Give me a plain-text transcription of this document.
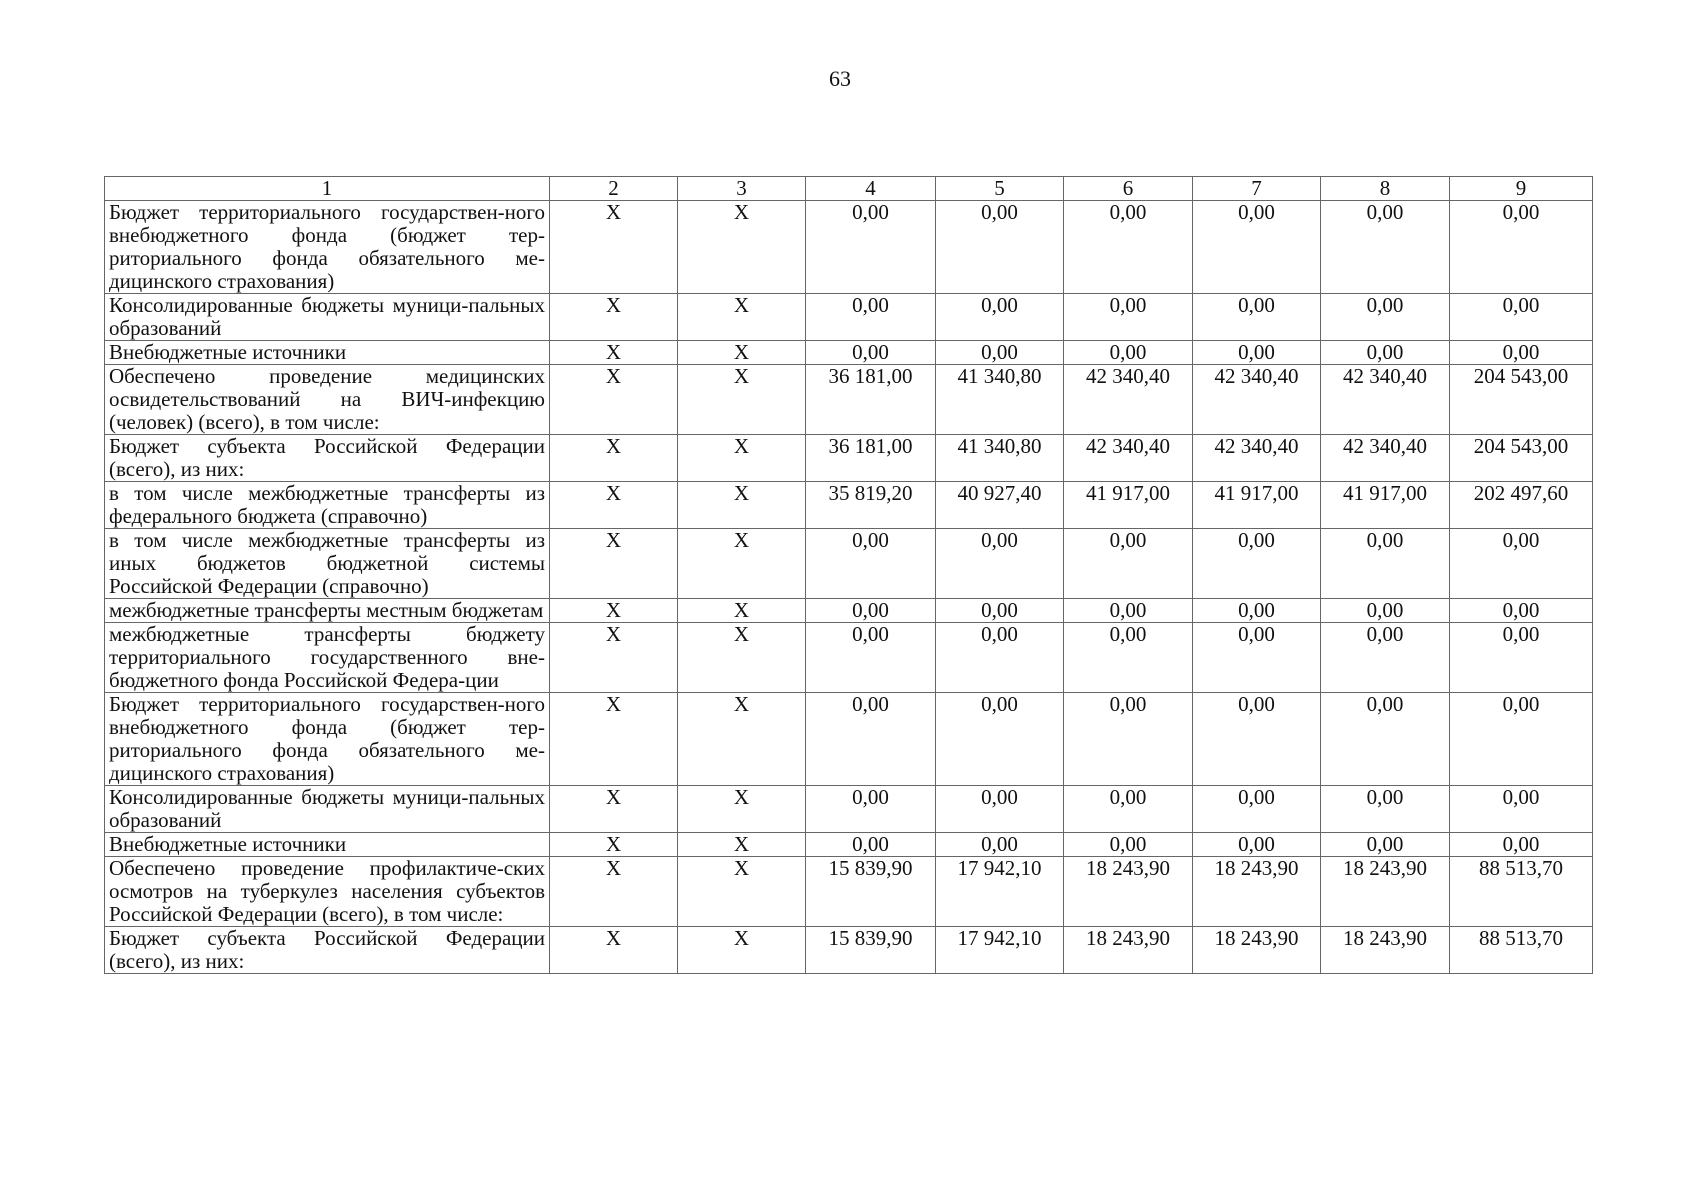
63
1	2	3	4	5	6	7	8	9
Бюджет территориального государствен-ного внебюджетного фонда (бюджет тер-риториального фонда обязательного ме-дицинского страхования)	X	X	0,00	0,00	0,00	0,00	0,00	0,00
Консолидированные бюджеты муници-пальных образований	X	X	0,00	0,00	0,00	0,00	0,00	0,00
Внебюджетные источники	X	X	0,00	0,00	0,00	0,00	0,00	0,00
Обеспечено проведение медицинских освидетельствований на ВИЧ-инфекцию (человек) (всего), в том числе:	X	X	36 181,00	41 340,80	42 340,40	42 340,40	42 340,40	204 543,00
Бюджет субъекта Российской Федерации (всего), из них:	X	X	36 181,00	41 340,80	42 340,40	42 340,40	42 340,40	204 543,00
в том числе межбюджетные трансферты из федерального бюджета (справочно)	X	X	35 819,20	40 927,40	41 917,00	41 917,00	41 917,00	202 497,60
в том числе межбюджетные трансферты из иных бюджетов бюджетной системы Российской Федерации (справочно)	X	X	0,00	0,00	0,00	0,00	0,00	0,00
межбюджетные трансферты местным бюджетам	X	X	0,00	0,00	0,00	0,00	0,00	0,00
межбюджетные трансферты бюджету территориального государственного вне-бюджетного фонда Российской Федера-ции	X	X	0,00	0,00	0,00	0,00	0,00	0,00
Бюджет территориального государствен-ного внебюджетного фонда (бюджет тер-риториального фонда обязательного ме-дицинского страхования)	X	X	0,00	0,00	0,00	0,00	0,00	0,00
Консолидированные бюджеты муници-пальных образований	X	X	0,00	0,00	0,00	0,00	0,00	0,00
Внебюджетные источники	X	X	0,00	0,00	0,00	0,00	0,00	0,00
Обеспечено проведение профилактиче-ских осмотров на туберкулез населения субъектов Российской Федерации (всего), в том числе:	X	X	15 839,90	17 942,10	18 243,90	18 243,90	18 243,90	88 513,70
Бюджет субъекта Российской Федерации (всего), из них:	X	X	15 839,90	17 942,10	18 243,90	18 243,90	18 243,90	88 513,70
